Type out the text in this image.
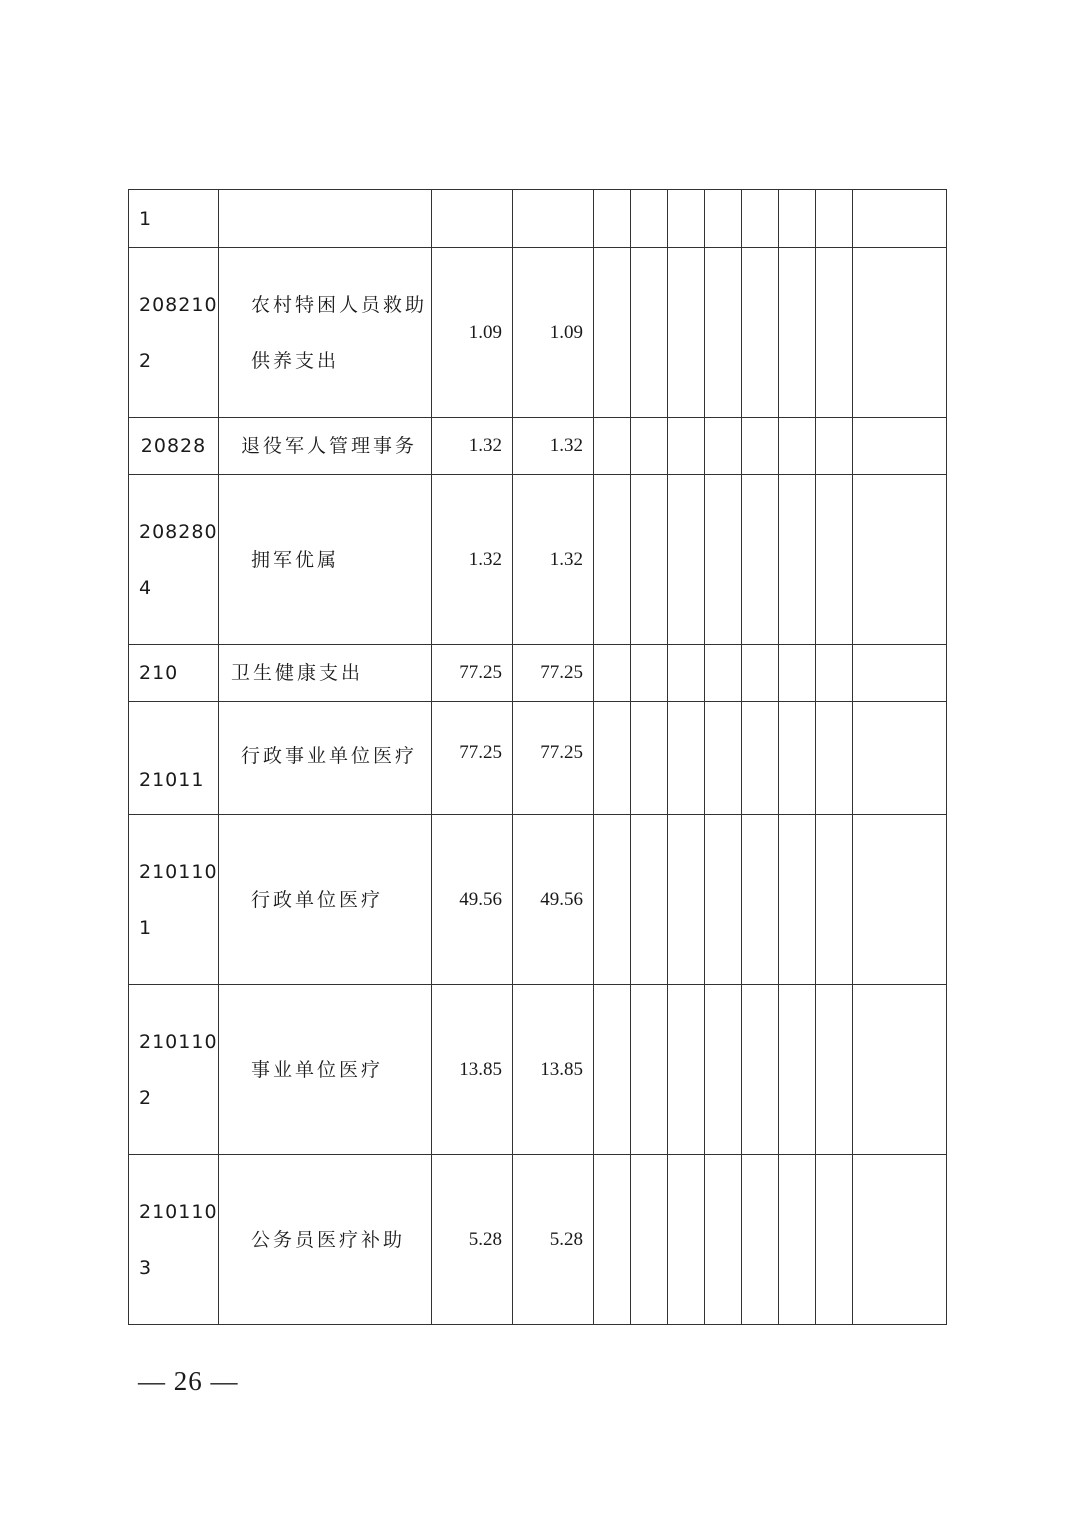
1											
2082102	农村特困人员救助供养支出	1.09	1.09								
20828	退役军人管理事务	1.32	1.32								
2082804	拥军优属	1.32	1.32								
210	卫生健康支出	77.25	77.25								
21011	行政事业单位医疗	77.25	77.25								
2101101	行政单位医疗	49.56	49.56								
2101102	事业单位医疗	13.85	13.85								
2101103	公务员医疗补助	5.28	5.28								
— 26 —
